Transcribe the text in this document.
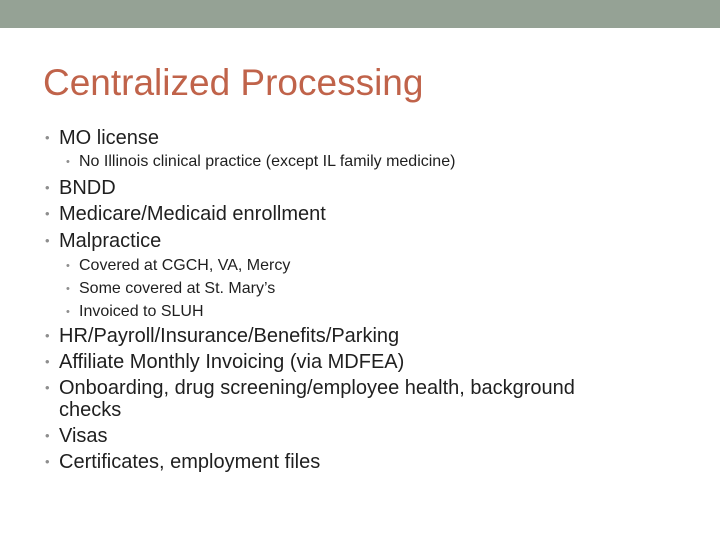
Centralized Processing
• MO license
• No Illinois clinical practice (except IL family medicine)
• BNDD
• Medicare/Medicaid enrollment
• Malpractice
• Covered at CGCH, VA, Mercy
• Some covered at St. Mary’s
• Invoiced to SLUH
• HR/Payroll/Insurance/Benefits/Parking
• Affiliate Monthly Invoicing (via MDFEA)
• Onboarding, drug screening/employee health, background
checks
• Visas
• Certificates, employment files
